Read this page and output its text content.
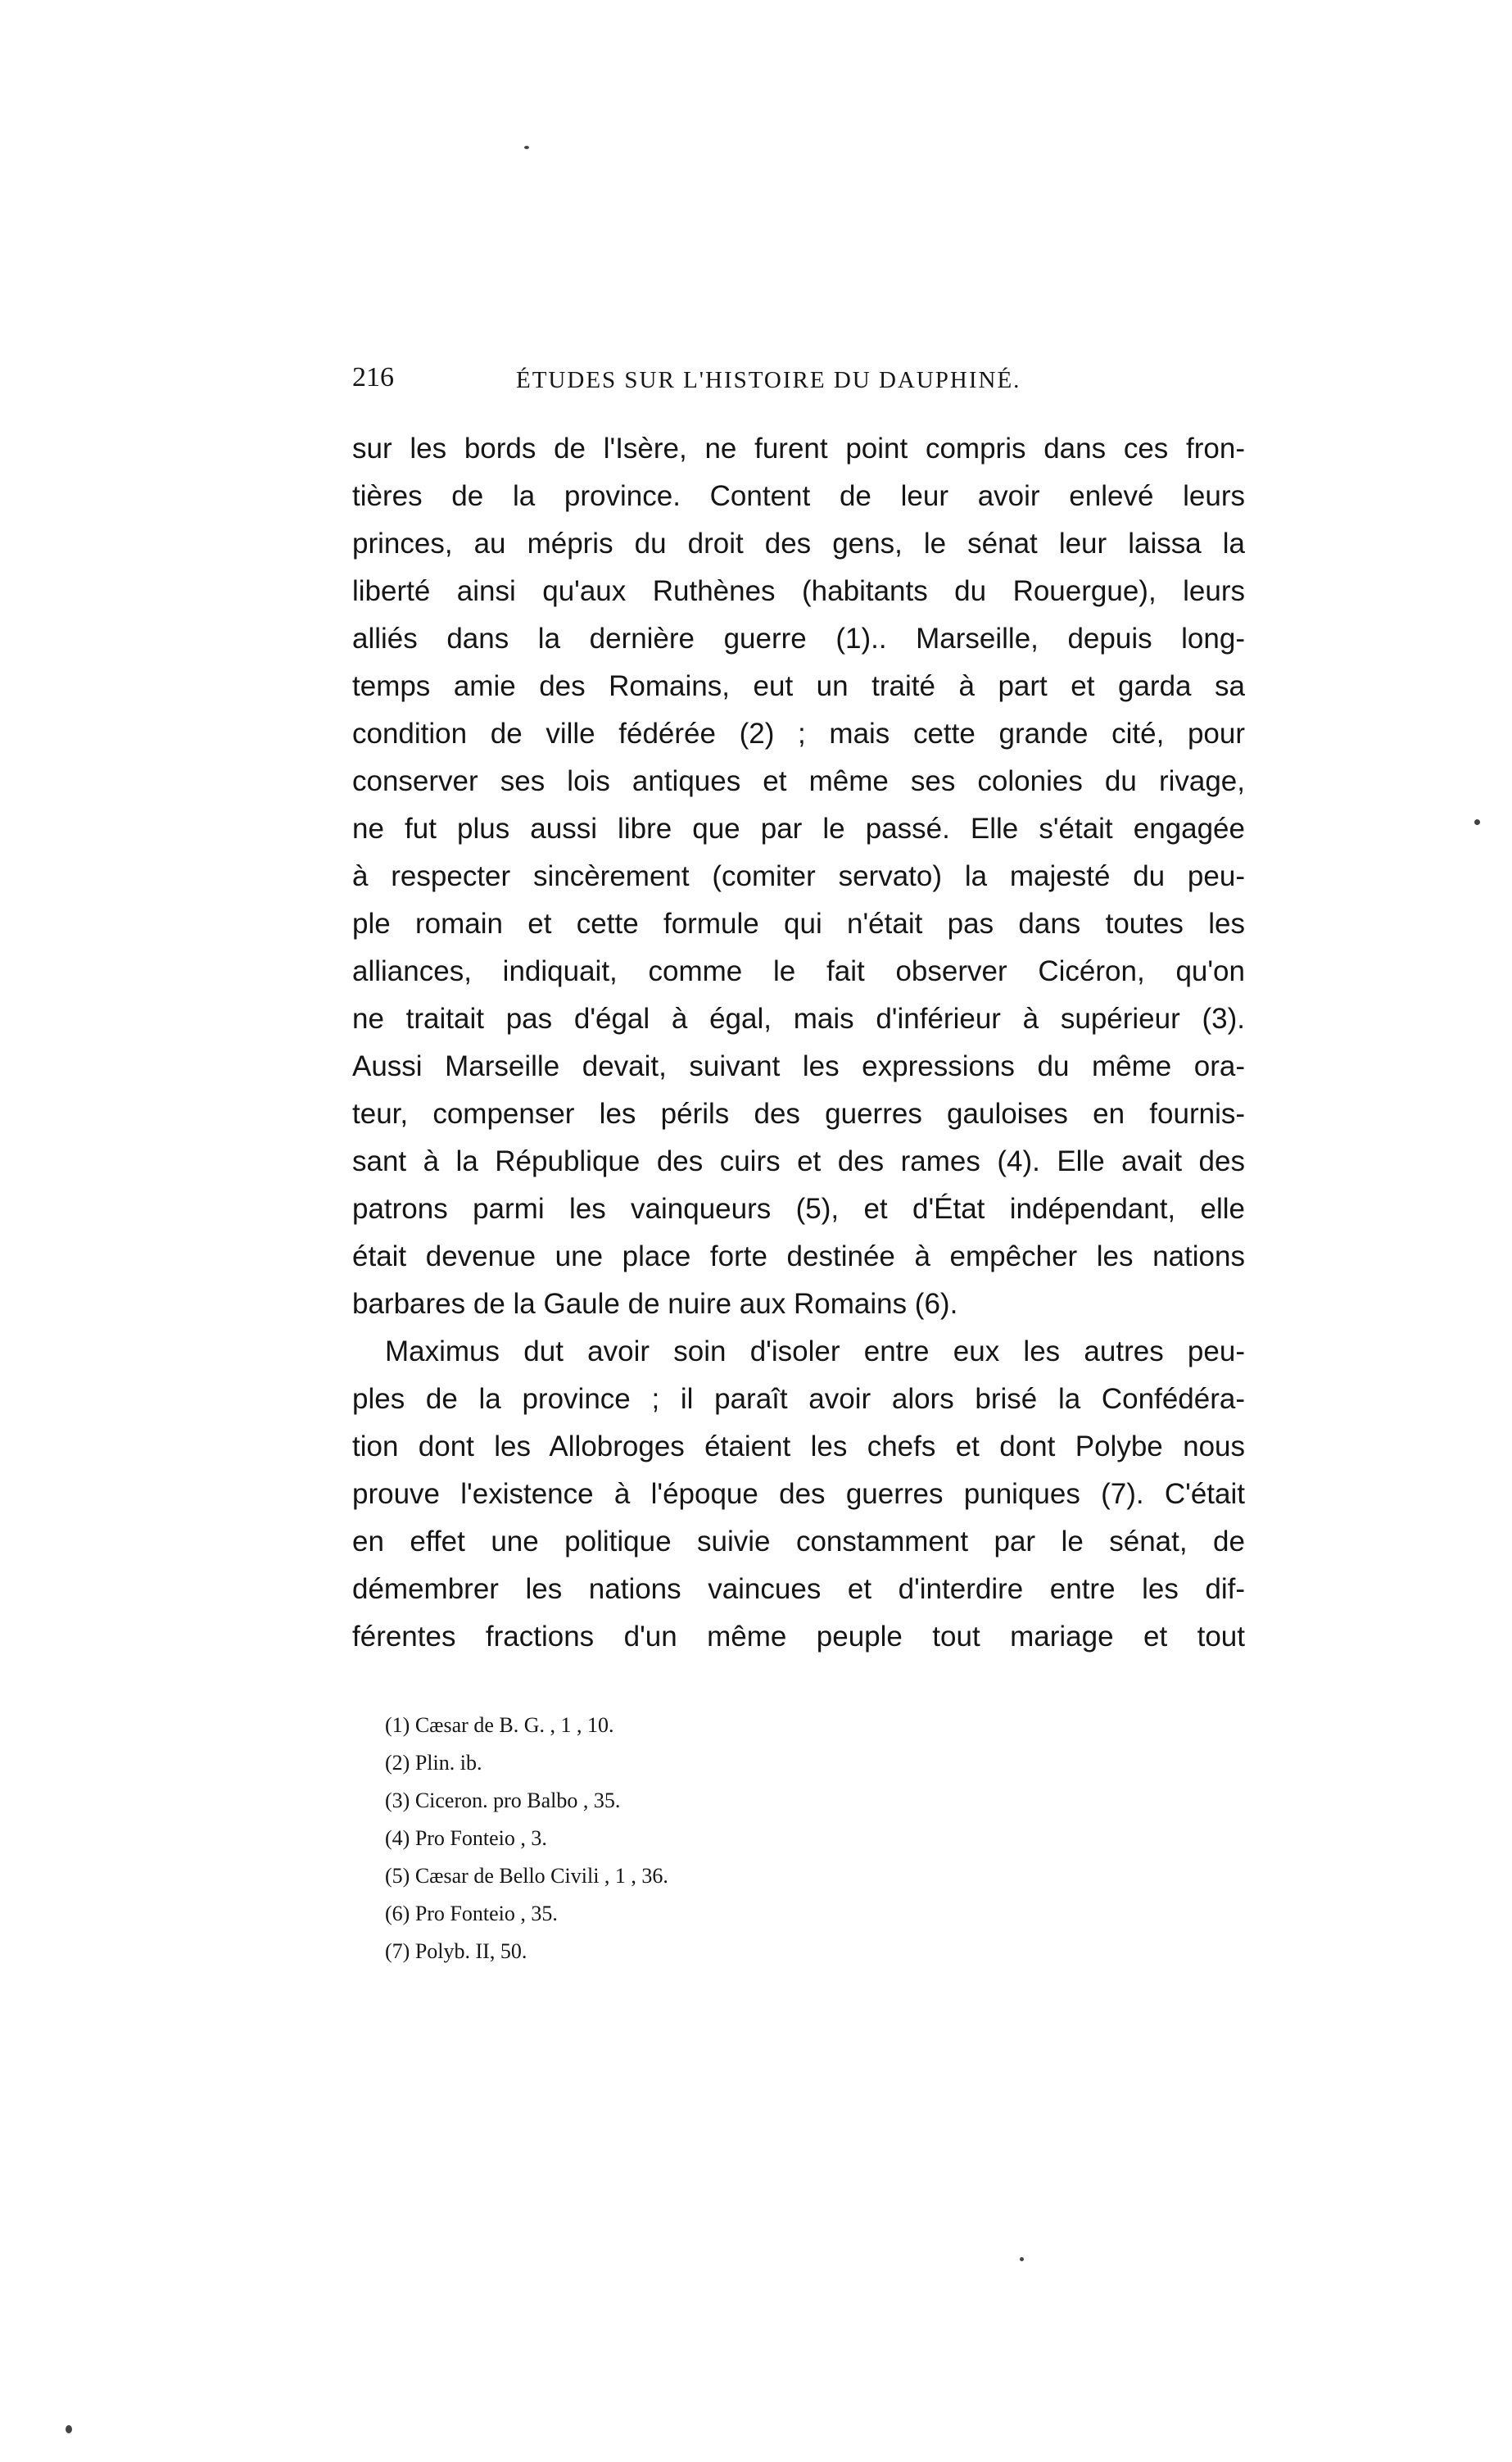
216	ÉTUDES SUR L'HISTOIRE DU DAUPHINÉ.
sur les bords de l'Isère, ne furent point compris dans ces fron-
tières de la province. Content de leur avoir enlevé leurs
princes, au mépris du droit des gens, le sénat leur laissa la
liberté ainsi qu'aux Ruthènes (habitants du Rouergue), leurs
alliés dans la dernière guerre (1).. Marseille, depuis long-
temps amie des Romains, eut un traité à part et garda sa
condition de ville fédérée (2) ; mais cette grande cité, pour
conserver ses lois antiques et même ses colonies du rivage,
ne fut plus aussi libre que par le passé. Elle s'était engagée
à respecter sincèrement (comiter servato) la majesté du peu-
ple romain et cette formule qui n'était pas dans toutes les
alliances, indiquait, comme le fait observer Cicéron, qu'on
ne traitait pas d'égal à égal, mais d'inférieur à supérieur (3).
Aussi Marseille devait, suivant les expressions du même ora-
teur, compenser les périls des guerres gauloises en fournis-
sant à la République des cuirs et des rames (4). Elle avait des
patrons parmi les vainqueurs (5), et d'État indépendant, elle
était devenue une place forte destinée à empêcher les nations
barbares de la Gaule de nuire aux Romains (6).
Maximus dut avoir soin d'isoler entre eux les autres peu-
ples de la province ; il paraît avoir alors brisé la Confédéra-
tion dont les Allobroges étaient les chefs et dont Polybe nous
prouve l'existence à l'époque des guerres puniques (7). C'était
en effet une politique suivie constamment par le sénat, de
démembrer les nations vaincues et d'interdire entre les dif-
férentes fractions d'un même peuple tout mariage et tout
(1) Cæsar de B. G. , 1 , 10.
(2) Plin. ib.
(3) Ciceron. pro Balbo , 35.
(4) Pro Fonteio , 3.
(5) Cæsar de Bello Civili , 1 , 36.
(6) Pro Fonteio , 35.
(7) Polyb. II, 50.
